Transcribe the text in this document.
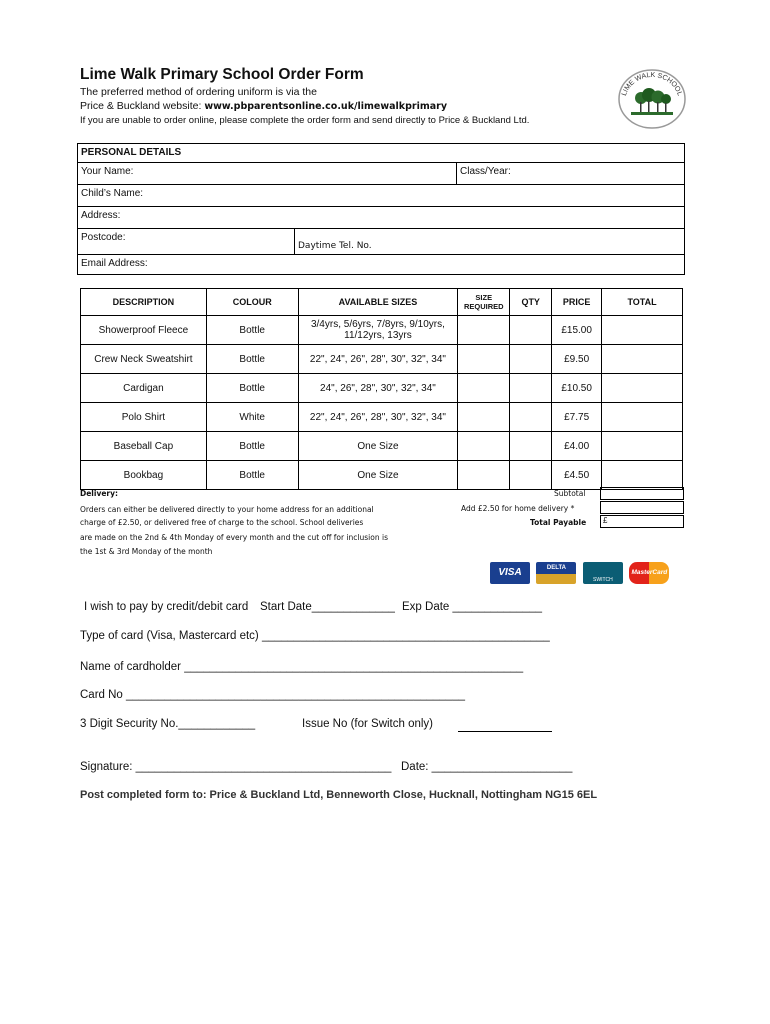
Lime Walk Primary School Order Form
The preferred method of ordering uniform is via the
Price & Buckland website: www.pbparentsonline.co.uk/limewalkprimary
If you are unable to order online, please complete the order form and send directly to Price & Buckland Ltd.
LIME WALK SCHOOL
PERSONAL DETAILS
Your Name:	Class/Year:
Child’s Name:
Address:
Postcode:
Daytime Tel. No.
Email Address:
DESCRIPTION	COLOUR	AVAILABLE SIZES	SIZE REQUIRED	QTY	PRICE	TOTAL
Showerproof Fleece	Bottle	3/4yrs, 5/6yrs, 7/8yrs, 9/10yrs, 11/12yrs, 13yrs			£15.00	
Crew Neck Sweatshirt	Bottle	22", 24", 26", 28", 30", 32", 34"			£9.50	
Cardigan	Bottle	24", 26", 28", 30", 32", 34"			£10.50	
Polo Shirt	White	22", 24", 26", 28", 30", 32", 34"			£7.75	
Baseball Cap	Bottle	One Size			£4.00	
Bookbag	Bottle	One Size			£4.50	
Delivery:
Orders can either be delivered directly to your home address for an additional
charge of £2.50, or delivered free of charge to the school. School deliveries
are made on the 2nd & 4th Monday of every month and the cut off for inclusion is
the 1st & 3rd Monday of the month
Subtotal
Add £2.50 for home delivery *
Total Payable	£
VISA	DELTA SWITCH MasterCard
I wish to pay by credit/debit card Start Date_____________ Exp Date ______________
Type of card (Visa, Mastercard etc) _____________________________________________
Name of cardholder _____________________________________________________
Card No _____________________________________________________
3 Digit Security No.____________	Issue No (for Switch only)
Signature: ________________________________________ Date: ______________________
Post completed form to: Price & Buckland Ltd, Benneworth Close, Hucknall, Nottingham NG15 6EL
